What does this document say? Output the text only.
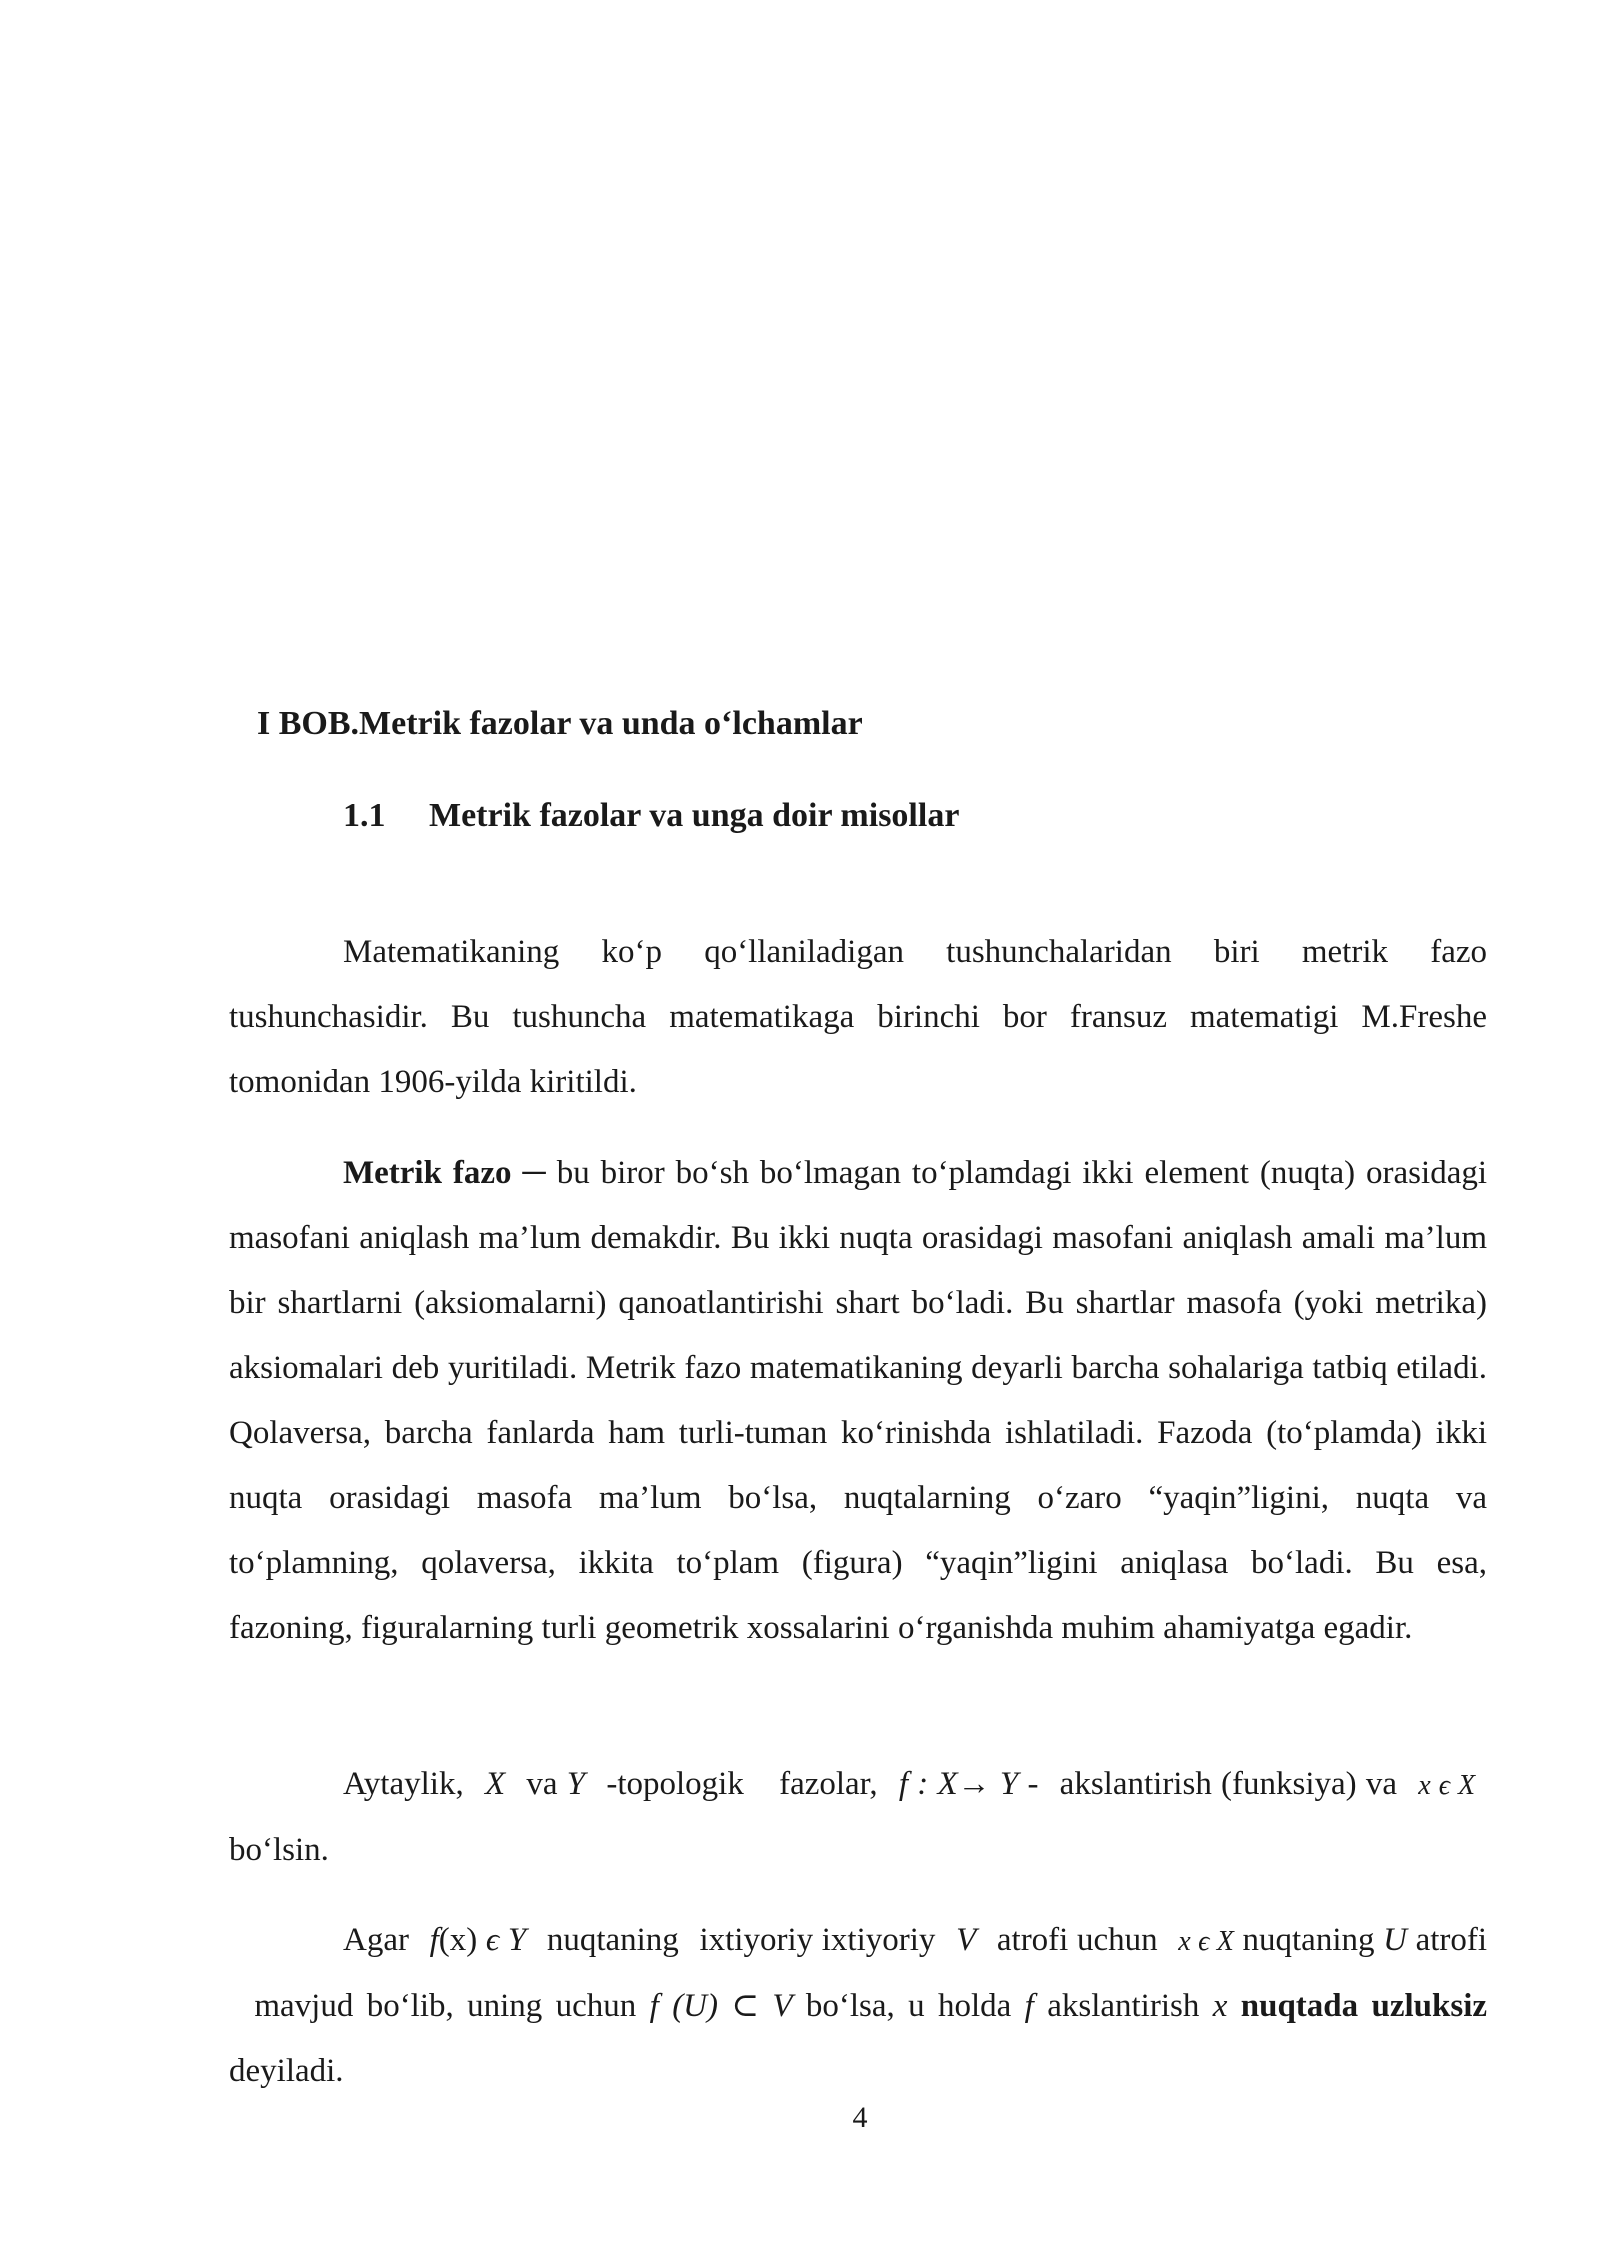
I BOB.Metrik fazolar va unda o‘lchamlar
1.1 Metrik fazolar va unga doir misollar

Matematikaning ko‘p qo‘llaniladigan tushunchalaridan biri metrik fazo tushunchasidir. Bu tushuncha matematikaga birinchi bor fransuz matematigi M.Freshe tomonidan 1906-yilda kiritildi.

Metrik fazo ─ bu biror bo‘sh bo‘lmagan to‘plamdagi ikki element (nuqta) orasidagi masofani aniqlash ma’lum demakdir. Bu ikki nuqta orasidagi masofani aniqlash amali ma’lum bir shartlarni (aksiomalarni) qanoatlantirishi shart bo‘ladi. Bu shartlar masofa (yoki metrika) aksiomalari deb yuritiladi. Metrik fazo matematikaning deyarli barcha sohalariga tatbiq etiladi. Qolaversa, barcha fanlarda ham turli-tuman ko‘rinishda ishlatiladi. Fazoda (to‘plamda) ikki nuqta orasidagi masofa ma’lum bo‘lsa, nuqtalarning o‘zaro “yaqin”ligini, nuqta va to‘plamning, qolaversa, ikkita to‘plam (figura) “yaqin”ligini aniqlasa bo‘ladi. Bu esa, fazoning, figuralarning turli geometrik xossalarini o‘rganishda muhim ahamiyatga egadir.

Aytaylik, X va Y -topologik fazolar, f : X→ Y - akslantirish (funksiya) va x ϵ X bo‘lsin.

Agar f(x) ϵ Y nuqtaning ixtiyoriy ixtiyoriy V atrofi uchun x ϵ X nuqtaning U atrofi mavjud bo‘lib, uning uchun f (U) ⊂ V bo‘lsa, u holda f akslantirish x nuqtada uzluksiz deyiladi.

4
